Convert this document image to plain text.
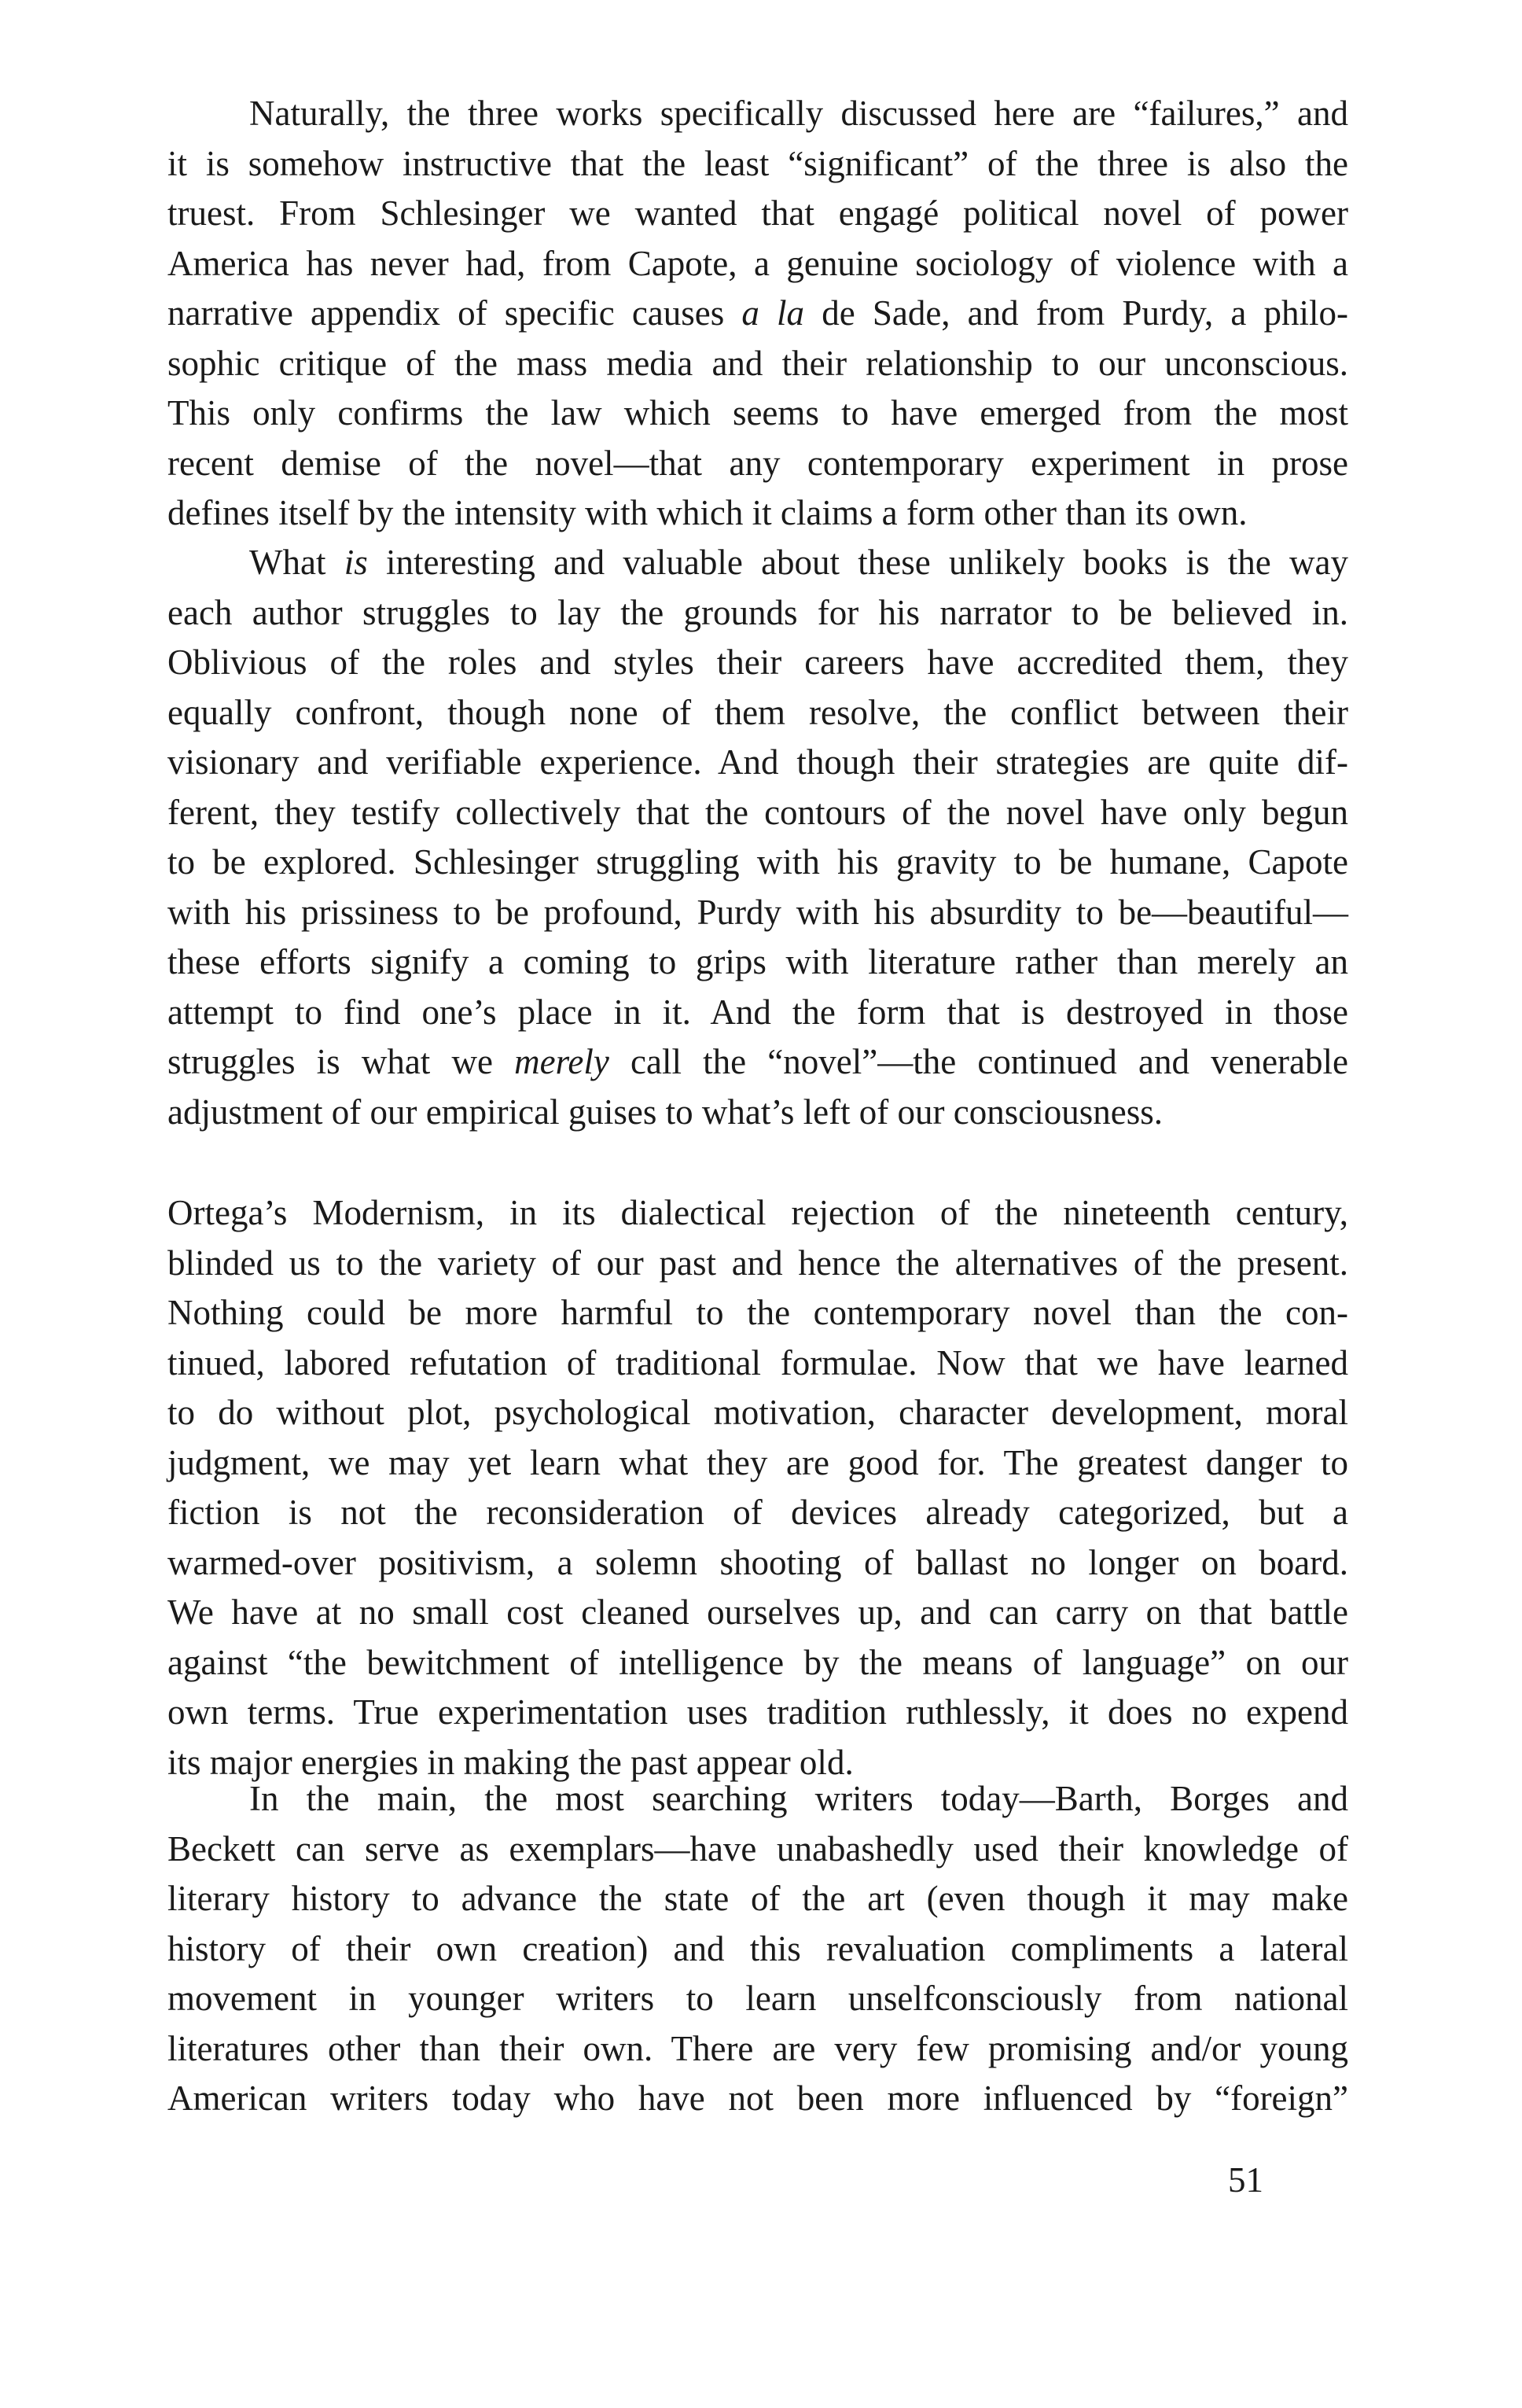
Naturally, the three works specifically discussed here are “failures,” and
it is somehow instructive that the least “significant” of the three is also the
truest. From Schlesinger we wanted that engagé political novel of power
America has never had, from Capote, a genuine sociology of violence with a
narrative appendix of specific causes a la de Sade, and from Purdy, a philo-
sophic critique of the mass media and their relationship to our unconscious.
This only confirms the law which seems to have emerged from the most
recent demise of the novel—that any contemporary experiment in prose
defines itself by the intensity with which it claims a form other than its own.
What is interesting and valuable about these unlikely books is the way
each author struggles to lay the grounds for his narrator to be believed in.
Oblivious of the roles and styles their careers have accredited them, they
equally confront, though none of them resolve, the conflict between their
visionary and verifiable experience. And though their strategies are quite dif-
ferent, they testify collectively that the contours of the novel have only begun
to be explored. Schlesinger struggling with his gravity to be humane, Capote
with his prissiness to be profound, Purdy with his absurdity to be—beautiful—
these efforts signify a coming to grips with literature rather than merely an
attempt to find one’s place in it. And the form that is destroyed in those
struggles is what we merely call the “novel”—the continued and venerable
adjustment of our empirical guises to what’s left of our consciousness.
Ortega’s Modernism, in its dialectical rejection of the nineteenth century,
blinded us to the variety of our past and hence the alternatives of the present.
Nothing could be more harmful to the contemporary novel than the con-
tinued, labored refutation of traditional formulae. Now that we have learned
to do without plot, psychological motivation, character development, moral
judgment, we may yet learn what they are good for. The greatest danger to
fiction is not the reconsideration of devices already categorized, but a
warmed-over positivism, a solemn shooting of ballast no longer on board.
We have at no small cost cleaned ourselves up, and can carry on that battle
against “the bewitchment of intelligence by the means of language” on our
own terms. True experimentation uses tradition ruthlessly, it does no expend
its major energies in making the past appear old.
In the main, the most searching writers today—Barth, Borges and
Beckett can serve as exemplars—have unabashedly used their knowledge of
literary history to advance the state of the art (even though it may make
history of their own creation) and this revaluation compliments a lateral
movement in younger writers to learn unselfconsciously from national
literatures other than their own. There are very few promising and/or young
American writers today who have not been more influenced by “foreign”
51
